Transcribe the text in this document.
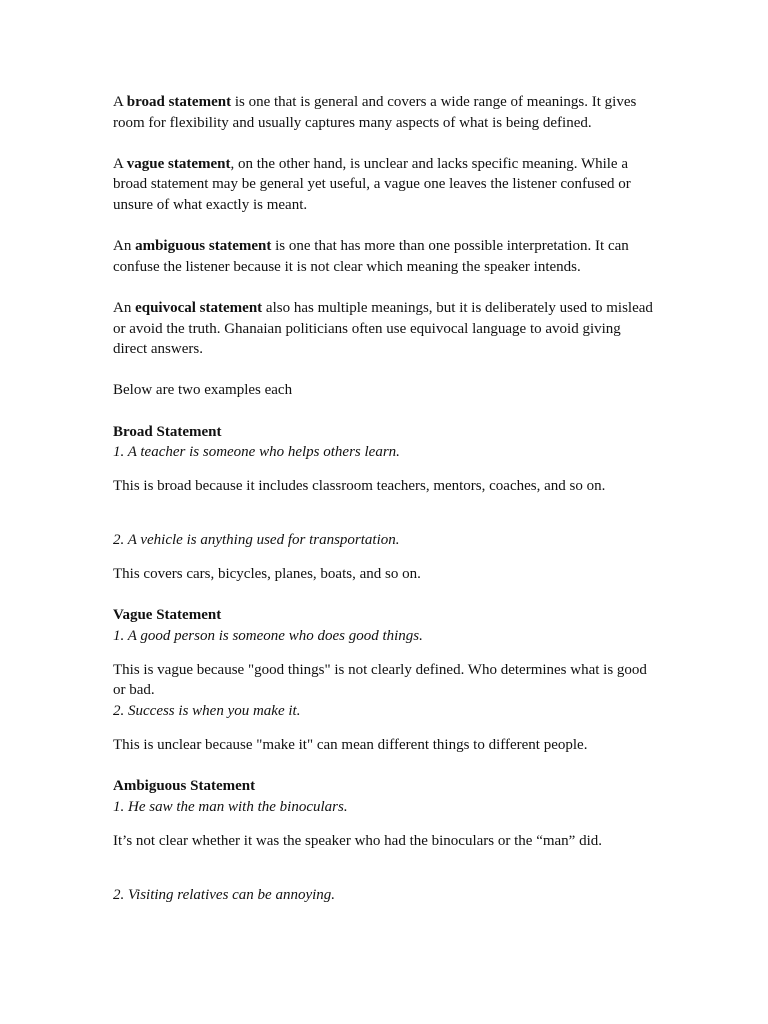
A broad statement is one that is general and covers a wide range of meanings. It gives room for flexibility and usually captures many aspects of what is being defined.

A vague statement, on the other hand, is unclear and lacks specific meaning. While a broad statement may be general yet useful, a vague one leaves the listener confused or unsure of what exactly is meant.

An ambiguous statement is one that has more than one possible interpretation. It can confuse the listener because it is not clear which meaning the speaker intends.

An equivocal statement also has multiple meanings, but it is deliberately used to mislead or avoid the truth. Ghanaian politicians often use equivocal language to avoid giving direct answers.

Below are two examples each

Broad Statement

1. A teacher is someone who helps others learn.

This is broad because it includes classroom teachers, mentors, coaches, and so on.

2. A vehicle is anything used for transportation.

This covers cars, bicycles, planes, boats, and so on.

Vague Statement

1. A good person is someone who does good things.

This is vague because "good things" is not clearly defined. Who determines what is good or bad.

2. Success is when you make it.

This is unclear because "make it" can mean different things to different people.

Ambiguous Statement

1. He saw the man with the binoculars.

It’s not clear whether it was the speaker who had the binoculars or the “man” did.

2. Visiting relatives can be annoying.
